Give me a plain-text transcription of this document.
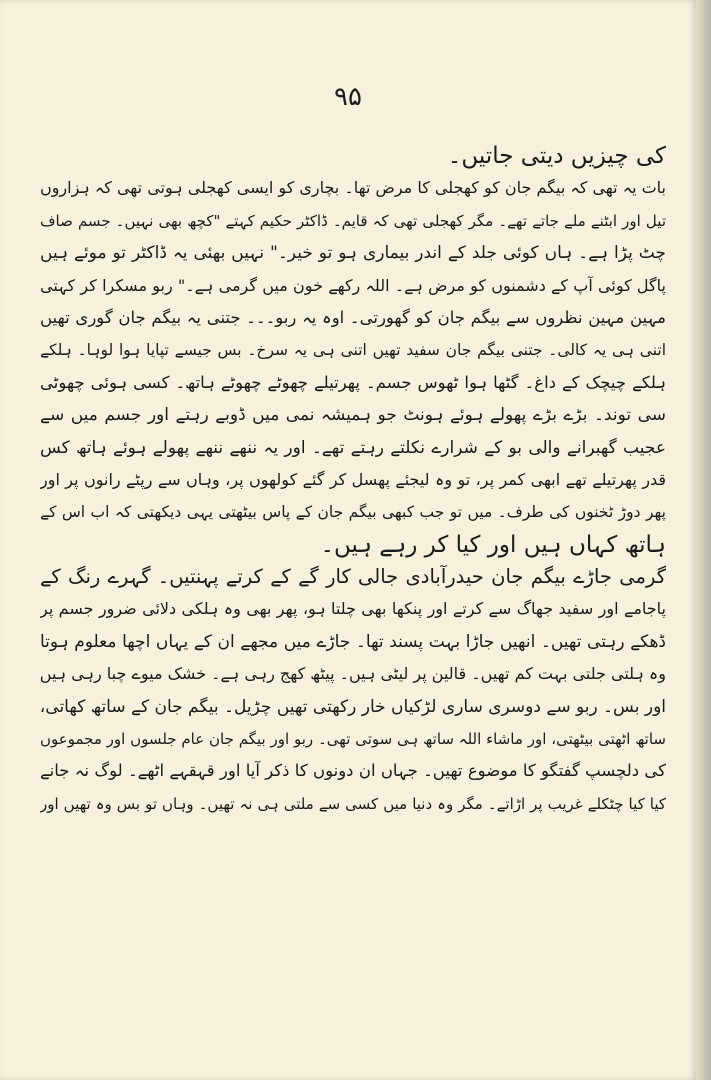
۹۵
کی چیزیں دیتی جاتیں۔
بات یہ تھی کہ بیگم جان کو کھجلی کا مرض تھا۔ بچاری کو ایسی کھجلی ہوتی تھی کہ ہزاروں
تیل اور ابٹنے ملے جاتے تھے۔ مگر کھجلی تھی کہ قایم۔ ڈاکٹر حکیم کہتے "کچھ بھی نہیں۔ جسم صاف
چٹ پڑا ہے۔ ہاں کوئی جلد کے اندر بیماری ہو تو خیر۔" نہیں بھئی یہ ڈاکٹر تو موئے ہیں
پاگل کوئی آپ کے دشمنوں کو مرض ہے۔ اللہ رکھے خون میں گرمی ہے۔" ربو مسکرا کر کہتی
مہین مہین نظروں سے بیگم جان کو گھورتی۔ اوہ یہ ربو۔۔۔ جتنی یہ بیگم جان گوری تھیں
اتنی ہی یہ کالی۔ جتنی بیگم جان سفید تھیں اتنی ہی یہ سرخ۔ بس جیسے تپایا ہوا لوہا۔ ہلکے
ہلکے چیچک کے داغ۔ گٹھا ہوا ٹھوس جسم۔ پھرتیلے چھوٹے چھوٹے ہاتھ۔ کسی ہوئی چھوٹی
سی توند۔ بڑے بڑے پھولے ہوئے ہونٹ جو ہمیشہ نمی میں ڈوبے رہتے اور جسم میں سے
عجیب گھبرانے والی بو کے شرارے نکلتے رہتے تھے۔ اور یہ ننھے ننھے پھولے ہوئے ہاتھ کس
قدر پھرتیلے تھے ابھی کمر پر، تو وہ لیجئے پھسل کر گئے کولھوں پر، وہاں سے رپٹے رانوں پر اور
پھر دوڑ ٹخنوں کی طرف۔ میں تو جب کبھی بیگم جان کے پاس بیٹھتی یہی دیکھتی کہ اب اس کے
ہاتھ کہاں ہیں اور کیا کر رہے ہیں۔
گرمی جاڑے بیگم جان حیدرآبادی جالی کار گے کے کرتے پہنتیں۔ گہرے رنگ کے
پاجامے اور سفید جھاگ سے کرتے اور پنکھا بھی چلتا ہو، پھر بھی وہ ہلکی دلائی ضرور جسم پر
ڈھکے رہتی تھیں۔ انھیں جاڑا بہت پسند تھا۔ جاڑے میں مجھے ان کے یہاں اچھا معلوم ہوتا
وہ ہلتی جلتی بہت کم تھیں۔ قالین پر لیٹی ہیں۔ پیٹھ کھج رہی ہے۔ خشک میوے چبا رہی ہیں
اور بس۔ ربو سے دوسری ساری لڑکیاں خار رکھتی تھیں چڑیل۔ بیگم جان کے ساتھ کھاتی،
ساتھ اٹھتی بیٹھتی، اور ماشاء اللہ ساتھ ہی سوتی تھی۔ ربو اور بیگم جان عام جلسوں اور مجموعوں
کی دلچسپ گفتگو کا موضوع تھیں۔ جہاں ان دونوں کا ذکر آیا اور قہقہے اٹھے۔ لوگ نہ جانے
کیا کیا چٹکلے غریب پر اڑاتے۔ مگر وہ دنیا میں کسی سے ملتی ہی نہ تھیں۔ وہاں تو بس وہ تھیں اور
